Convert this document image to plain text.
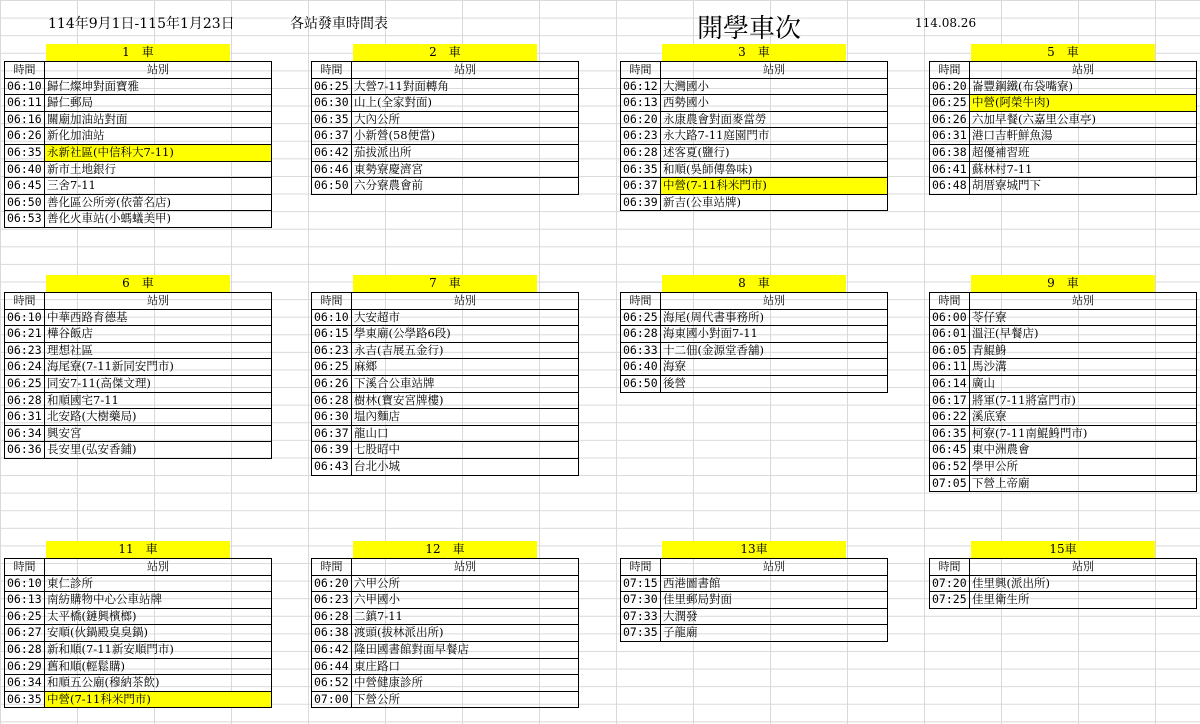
114年9月1日-115年1月23日	各站發車時間表	開學車次	114.08.26
1　車
時間	站別
06:10	歸仁燦坤對面寶雅
06:11	歸仁郵局
06:16	關廟加油站對面
06:26	新化加油站
06:35	永新社區(中信科大7-11)
06:40	新市土地銀行
06:45	三舍7-11
06:50	善化區公所旁(依蕾名店)
06:53	善化火車站(小螞蟻美甲)
2　車
時間	站別
06:25	大營7-11對面轉角
06:30	山上(全家對面)
06:35	大內公所
06:37	小新營(58便當)
06:42	茄拔派出所
06:46	東勢寮慶濟宮
06:50	六分寮農會前
3　車
時間	站別
06:12	大灣國小
06:13	西勢國小
06:20	永康農會對面麥當勞
06:23	永大路7-11庭園門市
06:28	述客夏(鹽行)
06:35	和順(吳師傳魯味)
06:37	中營(7-11科米門市)
06:39	新吉(公車站牌)
5　車
時間	站別
06:20	崙豐鋼鐵(布袋嘴寮)
06:25	中營(阿榮牛肉)
06:26	六加早餐(六嘉里公車亭)
06:31	港口吉軒鮮魚湯
06:38	超優補習班
06:41	蘇林村7-11
06:48	胡厝寮城門下
6　車
時間	站別
06:10	中華西路育德基
06:21	樺谷飯店
06:23	理想社區
06:24	海尾寮(7-11新同安門市)
06:25	同安7-11(高傑文理)
06:28	和順國宅7-11
06:31	北安路(大樹藥局)
06:34	興安宮
06:36	長安里(弘安香鋪)
7　車
時間	站別
06:10	大安超市
06:15	學東廟(公學路6段)
06:23	永吉(吉展五金行)
06:25	麻鄉
06:26	下溪合公車站牌
06:28	樹林(寶安宮牌樓)
06:30	塭內麵店
06:37	龍山口
06:39	七股昭中
06:43	台北小城
8　車
時間	站別
06:25	海尾(周代書事務所)
06:28	海東國小對面7-11
06:33	十二佃(金源堂香舖)
06:40	海寮
06:50	後營
9　車
時間	站別
06:00	苓仔寮
06:01	溫汪(早餐店)
06:05	青鯤鯓
06:11	馬沙溝
06:14	廣山
06:17	將軍(7-11將富門市)
06:22	溪底寮
06:35	柯寮(7-11南鯤鯓門市)
06:45	東中洲農會
06:52	學甲公所
07:05	下營上帝廟
11　車
時間	站別
06:10	東仁診所
06:13	南紡購物中心公車站牌
06:25	太平橋(鏈興檳榔)
06:27	安順(伙鍋殿臭臭鍋)
06:28	新和順(7-11新安順門市)
06:29	舊和順(輕鬆購)
06:34	和順五公廟(穆納茶飲)
06:35	中營(7-11科米門市)
12　車
時間	站別
06:20	六甲公所
06:23	六甲國小
06:28	二鎮7-11
06:38	渡頭(拔林派出所)
06:42	隆田國書館對面早餐店
06:44	東庄路口
06:52	中營健康診所
07:00	下營公所
13車
時間	站別
07:15	西港圖書館
07:30	佳里郵局對面
07:33	大潤發
07:35	子龍廟
15車
時間	站別
07:20	佳里興(派出所)
07:25	佳里衛生所
